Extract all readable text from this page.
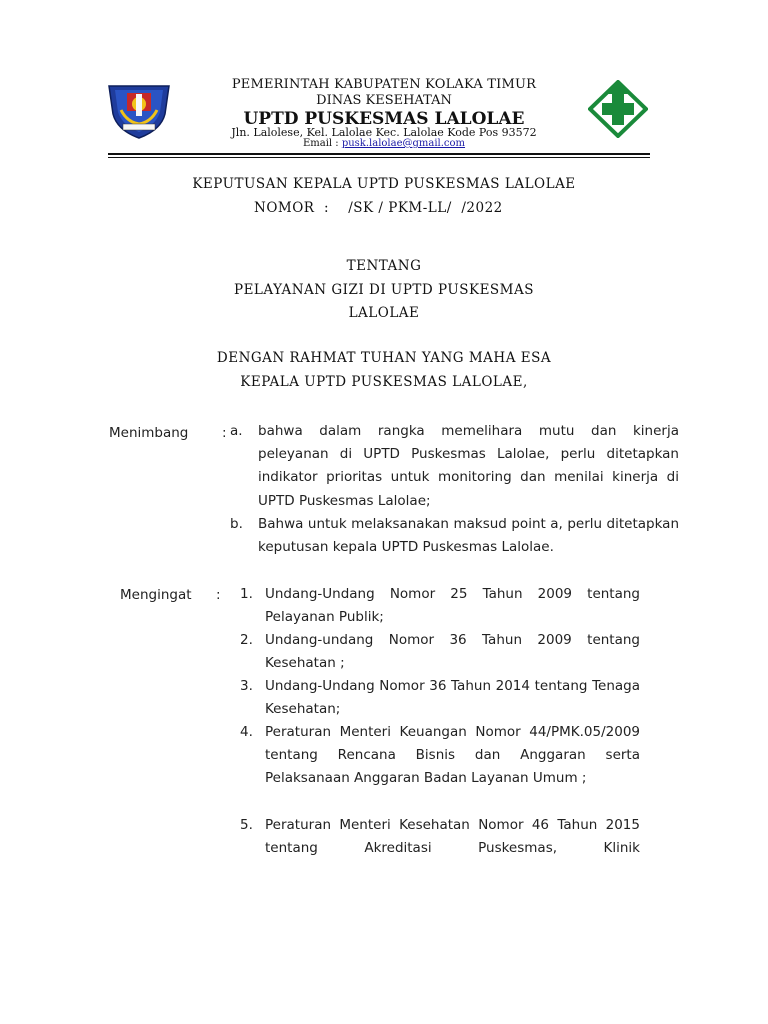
PEMERINTAH KABUPATEN KOLAKA TIMUR
DINAS KESEHATAN
UPTD PUSKESMAS LALOLAE
Jln. Lalolese, Kel. Lalolae Kec. Lalolae Kode Pos 93572
Email : pusk.lalolae@gmail.com
KEPUTUSAN KEPALA UPTD PUSKESMAS LALOLAE
NOMOR  :    /SK / PKM-LL/  /2022
TENTANG
PELAYANAN GIZI DI UPTD PUSKESMAS
LALOLAE
DENGAN RAHMAT TUHAN YANG MAHA ESA
KEPALA UPTD PUSKESMAS LALOLAE,
Menimbang : a. bahwa dalam rangka memelihara mutu dan kinerja peleyanan di UPTD Puskesmas Lalolae, perlu ditetapkan indikator prioritas untuk monitoring dan menilai kinerja di UPTD Puskesmas Lalolae;
b. Bahwa untuk melaksanakan maksud point a, perlu ditetapkan keputusan kepala UPTD Puskesmas Lalolae.
Mengingat : 1. Undang-Undang Nomor 25 Tahun 2009 tentang Pelayanan Publik;
2. Undang-undang Nomor 36 Tahun 2009 tentang Kesehatan ;
3. Undang-Undang Nomor 36 Tahun 2014 tentang Tenaga Kesehatan;
4. Peraturan Menteri Keuangan Nomor 44/PMK.05/2009 tentang Rencana Bisnis dan Anggaran serta Pelaksanaan Anggaran Badan Layanan Umum ;
5. Peraturan Menteri Kesehatan Nomor 46 Tahun 2015 tentang Akreditasi Puskesmas, Klinik
